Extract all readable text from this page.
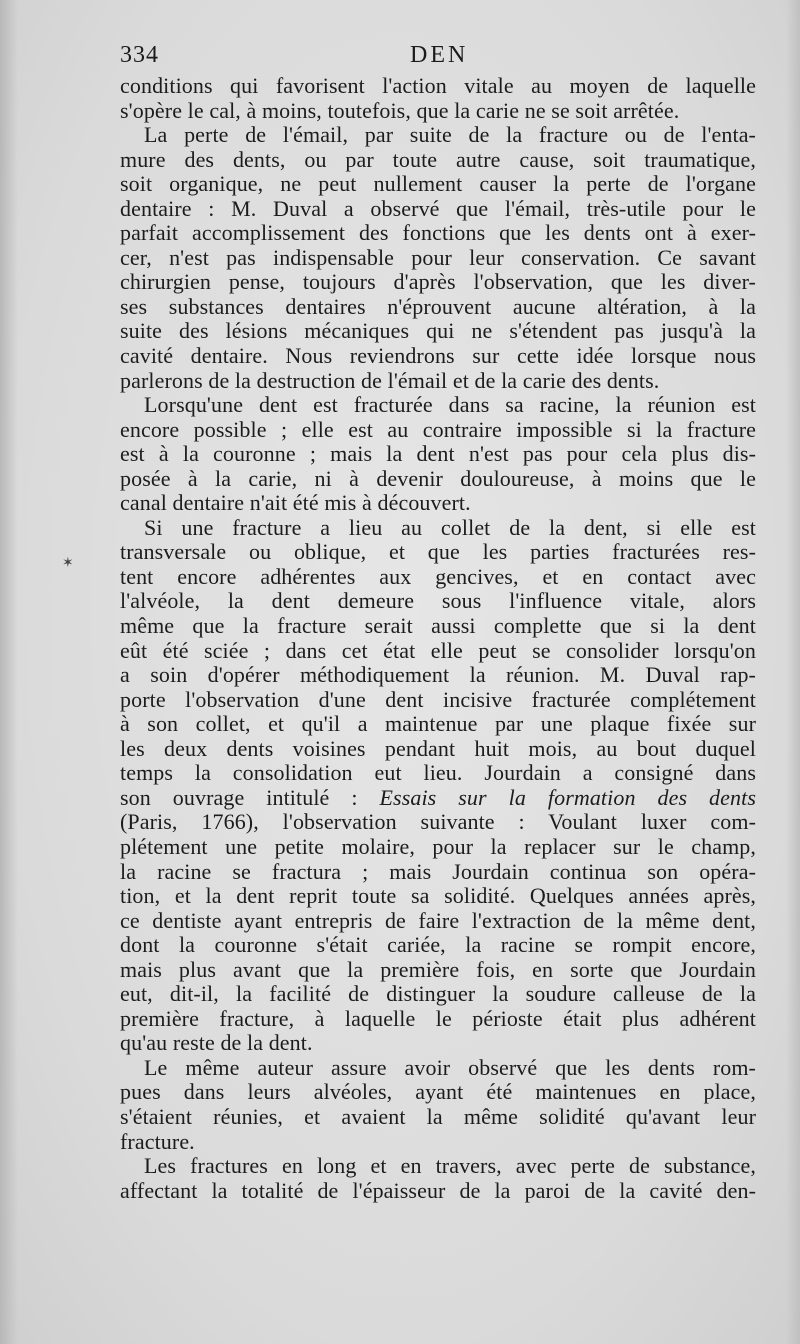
334	DEN
✶
conditions qui favorisent l'action vitale au moyen de laquelle
s'opère le cal, à moins, toutefois, que la carie ne se soit arrêtée.
La perte de l'émail, par suite de la fracture ou de l'enta-
mure des dents, ou par toute autre cause, soit traumatique,
soit organique, ne peut nullement causer la perte de l'organe
dentaire : M. Duval a observé que l'émail, très-utile pour le
parfait accomplissement des fonctions que les dents ont à exer-
cer, n'est pas indispensable pour leur conservation. Ce savant
chirurgien pense, toujours d'après l'observation, que les diver-
ses substances dentaires n'éprouvent aucune altération, à la
suite des lésions mécaniques qui ne s'étendent pas jusqu'à la
cavité dentaire. Nous reviendrons sur cette idée lorsque nous
parlerons de la destruction de l'émail et de la carie des dents.
Lorsqu'une dent est fracturée dans sa racine, la réunion est
encore possible ; elle est au contraire impossible si la fracture
est à la couronne ; mais la dent n'est pas pour cela plus dis-
posée à la carie, ni à devenir douloureuse, à moins que le
canal dentaire n'ait été mis à découvert.
Si une fracture a lieu au collet de la dent, si elle est
transversale ou oblique, et que les parties fracturées res-
tent encore adhérentes aux gencives, et en contact avec
l'alvéole, la dent demeure sous l'influence vitale, alors
même que la fracture serait aussi complette que si la dent
eût été sciée ; dans cet état elle peut se consolider lorsqu'on
a soin d'opérer méthodiquement la réunion. M. Duval rap-
porte l'observation d'une dent incisive fracturée complétement
à son collet, et qu'il a maintenue par une plaque fixée sur
les deux dents voisines pendant huit mois, au bout duquel
temps la consolidation eut lieu. Jourdain a consigné dans
son ouvrage intitulé : Essais sur la formation des dents
(Paris, 1766), l'observation suivante : Voulant luxer com-
plétement une petite molaire, pour la replacer sur le champ,
la racine se fractura ; mais Jourdain continua son opéra-
tion, et la dent reprit toute sa solidité. Quelques années après,
ce dentiste ayant entrepris de faire l'extraction de la même dent,
dont la couronne s'était cariée, la racine se rompit encore,
mais plus avant que la première fois, en sorte que Jourdain
eut, dit-il, la facilité de distinguer la soudure calleuse de la
première fracture, à laquelle le périoste était plus adhérent
qu'au reste de la dent.
Le même auteur assure avoir observé que les dents rom-
pues dans leurs alvéoles, ayant été maintenues en place,
s'étaient réunies, et avaient la même solidité qu'avant leur
fracture.
Les fractures en long et en travers, avec perte de substance,
affectant la totalité de l'épaisseur de la paroi de la cavité den-
